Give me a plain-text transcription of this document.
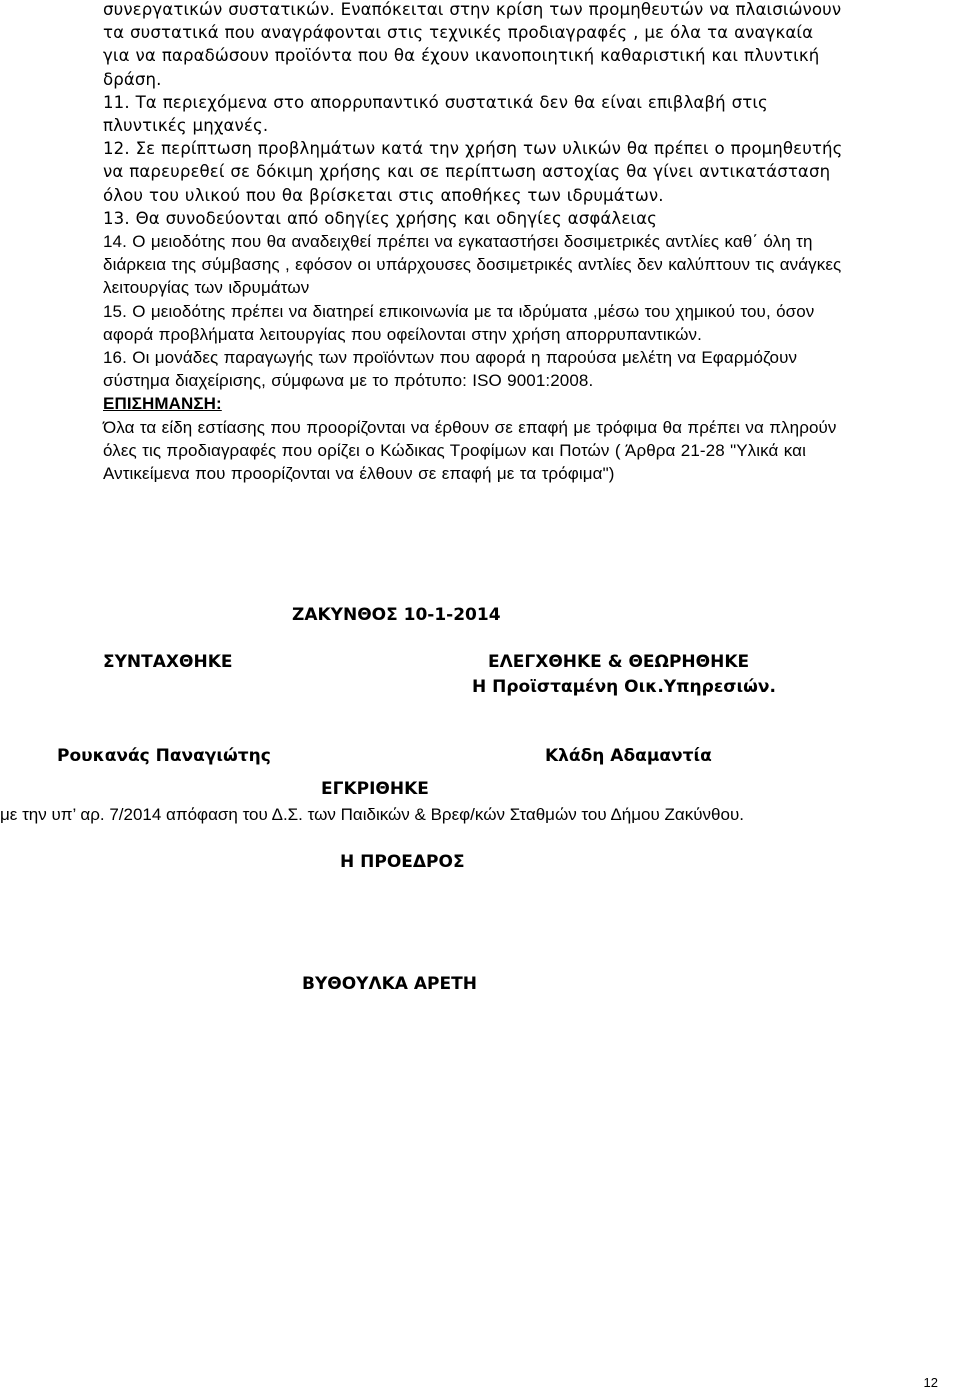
συνεργατικών συστατικών. Εναπόκειται στην κρίση των προμηθευτών να πλαισιώνουν τα συστατικά που αναγράφονται στις τεχνικές προδιαγραφές , με όλα τα αναγκαία για να παραδώσουν προϊόντα που θα έχουν ικανοποιητική καθαριστική και πλυντική δράση.

11. Τα περιεχόμενα στο απορρυπαντικό συστατικά δεν θα είναι επιβλαβή στις πλυντικές μηχανές.

12. Σε περίπτωση προβλημάτων κατά την χρήση των υλικών θα πρέπει ο προμηθευτής να παρευρεθεί σε δόκιμη χρήσης και σε περίπτωση αστοχίας θα γίνει αντικατάσταση όλου του υλικού που θα βρίσκεται στις αποθήκες των ιδρυμάτων.

13. Θα συνοδεύονται από οδηγίες χρήσης και οδηγίες ασφάλειας

14. Ο μειοδότης που θα αναδειχθεί πρέπει να εγκαταστήσει δοσιμετρικές αντλίες καθ΄ όλη τη διάρκεια της σύμβασης , εφόσον οι υπάρχουσες δοσιμετρικές αντλίες δεν καλύπτουν τις ανάγκες λειτουργίας των ιδρυμάτων

15. Ο μειοδότης πρέπει να διατηρεί επικοινωνία με τα ιδρύματα ,μέσω του χημικού του, όσον αφορά προβλήματα λειτουργίας που οφείλονται στην χρήση απορρυπαντικών.

16. Οι μονάδες παραγωγής των προϊόντων που αφορά η παρούσα μελέτη να Εφαρμόζουν σύστημα διαχείρισης, σύμφωνα με το πρότυπο: ISO 9001:2008.

ΕΠΙΣΗΜΑΝΣΗ:

Όλα τα είδη εστίασης που προορίζονται να έρθουν σε επαφή με τρόφιμα θα πρέπει να πληρούν όλες τις προδιαγραφές που ορίζει ο Κώδικας Τροφίμων και Ποτών ( Άρθρα 21-28 "Υλικά και Αντικείμενα που προορίζονται να έλθουν σε επαφή με τα τρόφιμα")

ΖΑΚΥΝΘΟΣ 10-1-2014
ΣΥΝΤΑΧΘΗΚΕ	ΕΛΕΓΧΘΗΚΕ & ΘΕΩΡΗΘΗΚΕ
Η Προϊσταμένη Οικ.Υπηρεσιών.
Ρουκανάς Παναγιώτης	Κλάδη Αδαμαντία
ΕΓΚΡΙΘΗΚΕ
με την υπ’ αρ. 7/2014 απόφαση του Δ.Σ. των Παιδικών & Βρεφ/κών Σταθμών του Δήμου Ζακύνθου.
Η ΠΡΟΕΔΡΟΣ
ΒΥΘΟΥΛΚΑ ΑΡΕΤΗ
12
